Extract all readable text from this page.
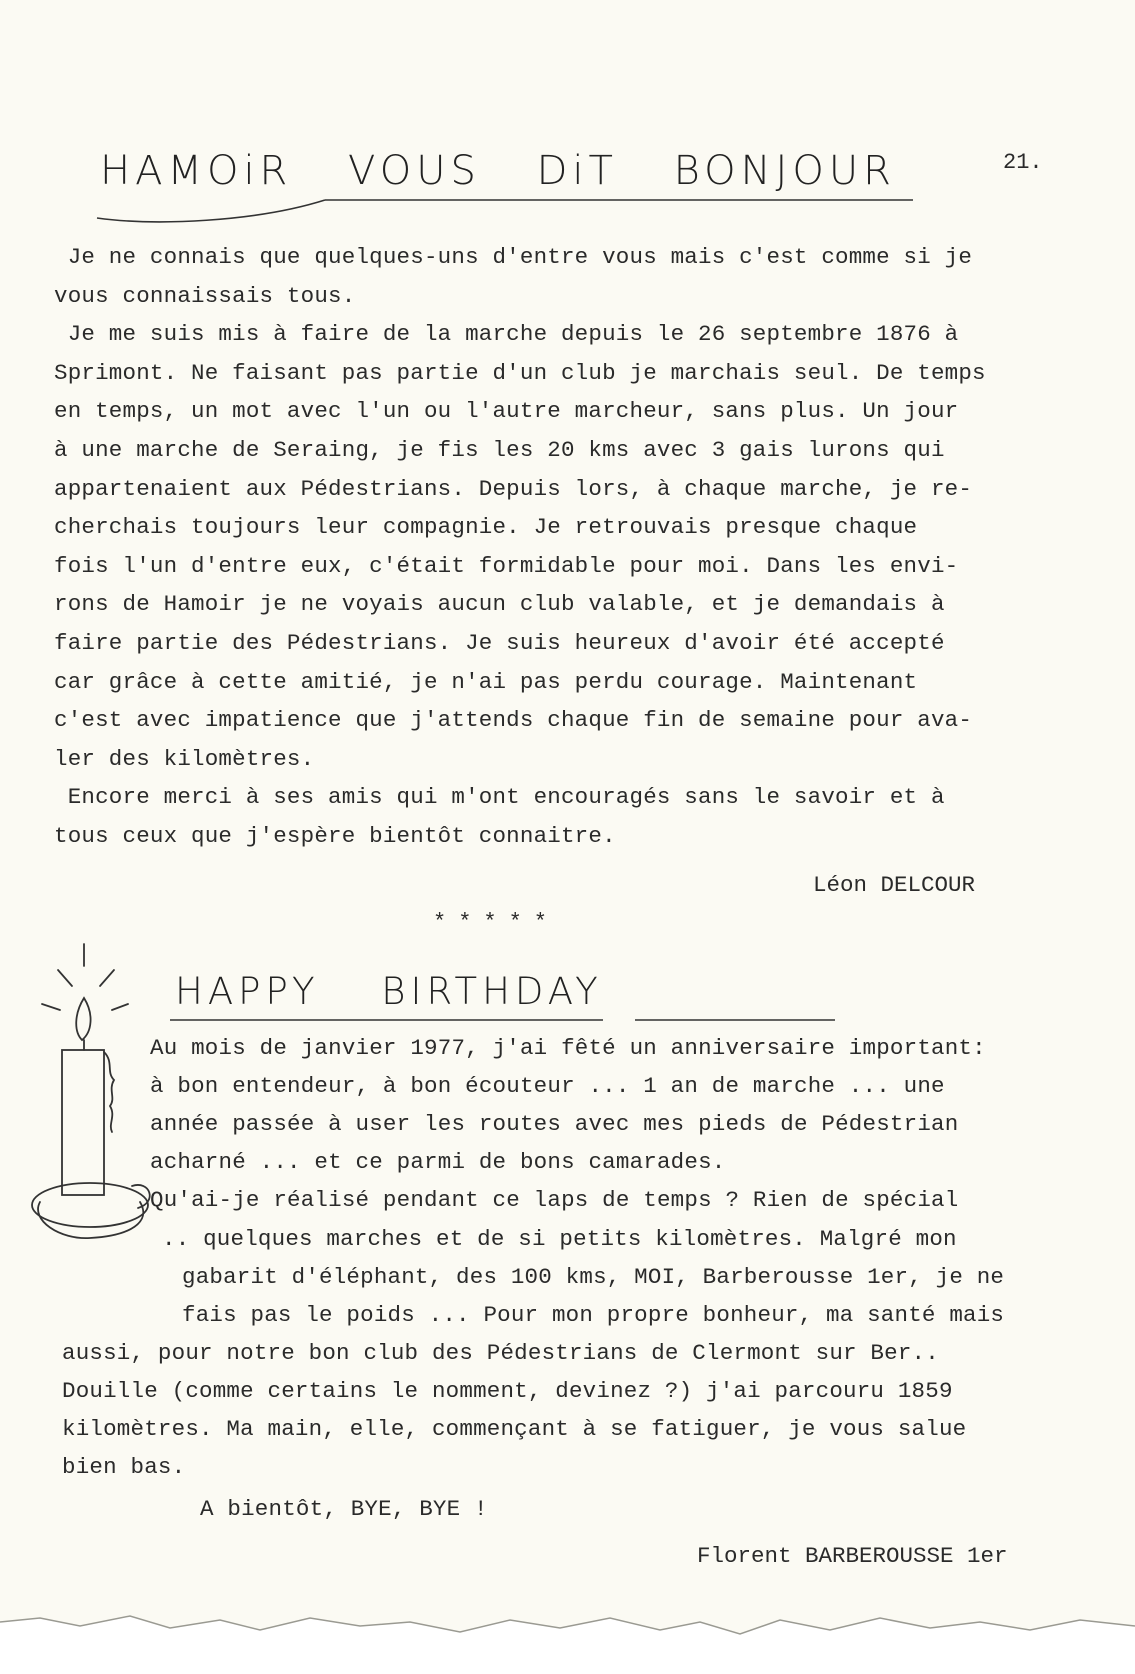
HAMOiR VOUS DiT BONJOUR	21.
Je ne connais que quelques-uns d'entre vous mais c'est comme si je
vous connaissais tous.
Je me suis mis à faire de la marche depuis le 26 septembre 1876 à
Sprimont. Ne faisant pas partie d'un club je marchais seul. De temps
en temps, un mot avec l'un ou l'autre marcheur, sans plus. Un jour
à une marche de Seraing, je fis les 20 kms avec 3 gais lurons qui
appartenaient aux Pédestrians. Depuis lors, à chaque marche, je re-
cherchais toujours leur compagnie. Je retrouvais presque chaque
fois l'un d'entre eux, c'était formidable pour moi. Dans les envi-
rons de Hamoir je ne voyais aucun club valable, et je demandais à
faire partie des Pédestrians. Je suis heureux d'avoir été accepté
car grâce à cette amitié, je n'ai pas perdu courage. Maintenant
c'est avec impatience que j'attends chaque fin de semaine pour ava-
ler des kilomètres.
Encore merci à ses amis qui m'ont encouragés sans le savoir et à
tous ceux que j'espère bientôt connaitre.
Léon DELCOUR
*****
HAPPY BIRTHDAY
Au mois de janvier 1977, j'ai fêté un anniversaire important:
à bon entendeur, à bon écouteur ... 1 an de marche ... une
année passée à user les routes avec mes pieds de Pédestrian
acharné ... et ce parmi de bons camarades.
Qu'ai-je réalisé pendant ce laps de temps ? Rien de spécial
.. quelques marches et de si petits kilomètres. Malgré mon
gabarit d'éléphant, des 100 kms, MOI, Barberousse 1er, je ne
fais pas le poids ... Pour mon propre bonheur, ma santé mais
aussi, pour notre bon club des Pédestrians de Clermont sur Ber..
Douille (comme certains le nomment, devinez ?) j'ai parcouru 1859
kilomètres. Ma main, elle, commençant à se fatiguer, je vous salue
bien bas.
A bientôt, BYE, BYE !
Florent BARBEROUSSE 1er
